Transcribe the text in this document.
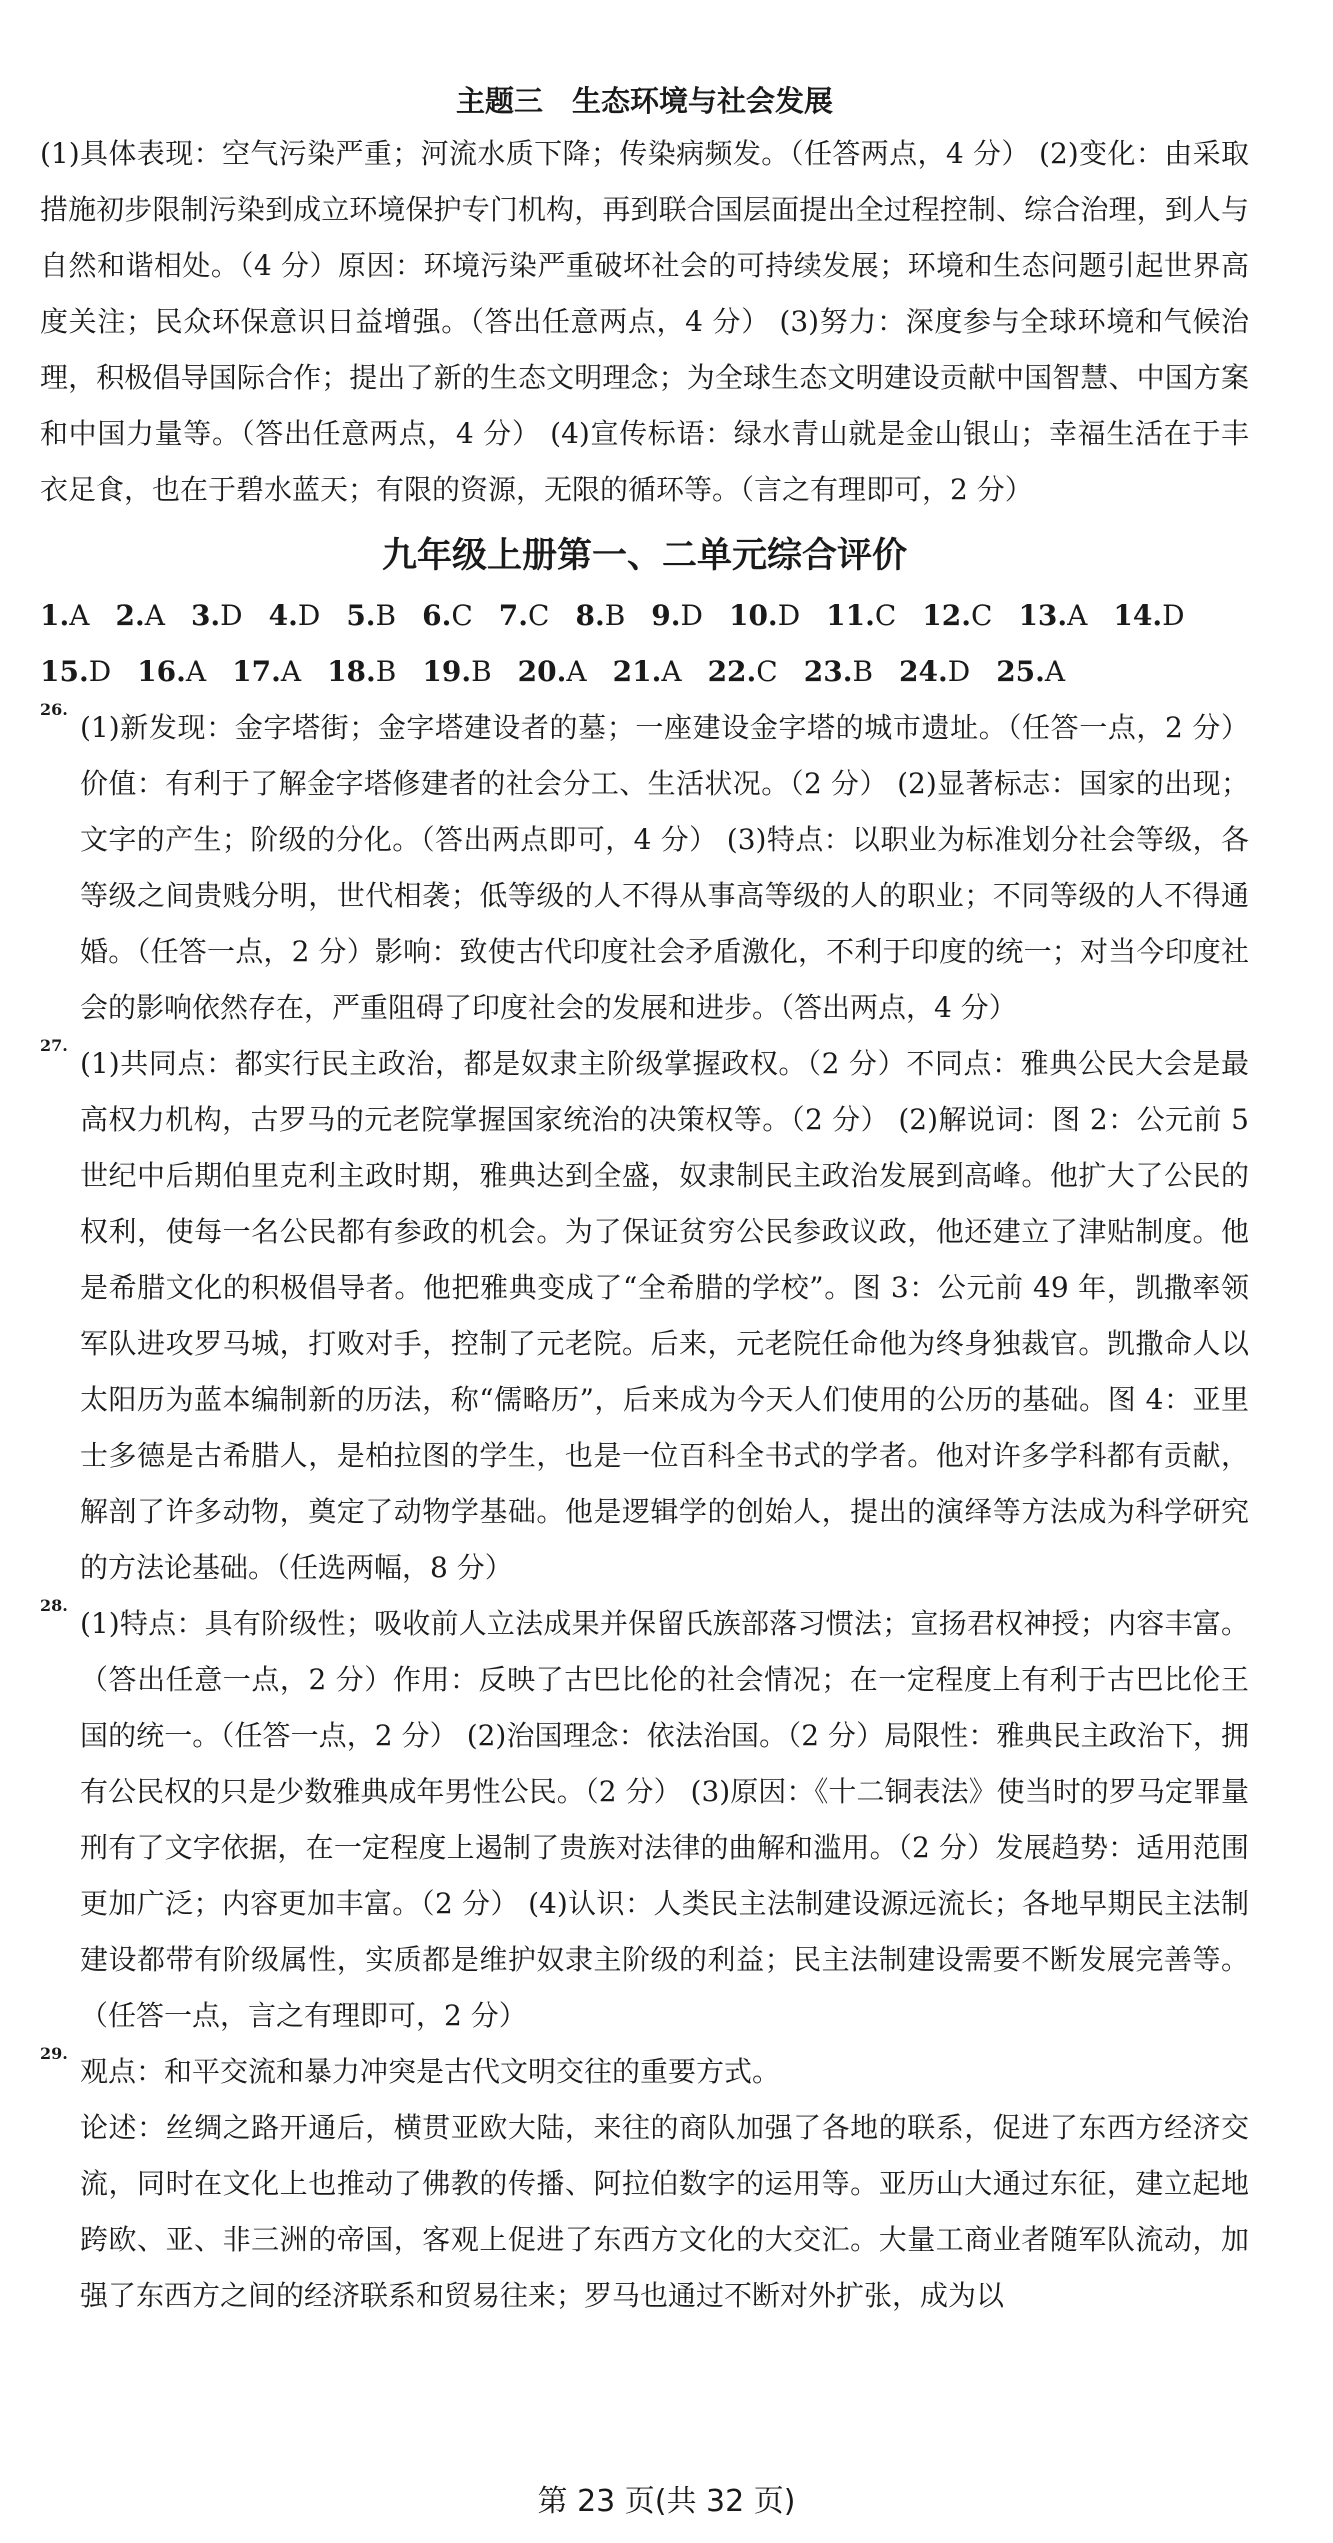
主题三　生态环境与社会发展

(1)具体表现：空气污染严重；河流水质下降；传染病频发。（任答两点，4 分） (2)变化：由采取措施初步限制污染到成立环境保护专门机构，再到联合国层面提出全过程控制、综合治理，到人与自然和谐相处。（4 分）原因：环境污染严重破坏社会的可持续发展；环境和生态问题引起世界高度关注；民众环保意识日益增强。（答出任意两点，4 分） (3)努力：深度参与全球环境和气候治理，积极倡导国际合作；提出了新的生态文明理念；为全球生态文明建设贡献中国智慧、中国方案和中国力量等。（答出任意两点，4 分） (4)宣传标语：绿水青山就是金山银山；幸福生活在于丰衣足食，也在于碧水蓝天；有限的资源，无限的循环等。（言之有理即可，2 分）

九年级上册第一、二单元综合评价
1.A 2.A 3.D 4.D 5.B 6.C 7.C 8.B 9.D 10.D 11.C 12.C 13.A 14.D
15.D 16.A 17.A 18.B 19.B 20.A 21.A 22.C 23.B 24.D 25.A
26.

(1)新发现：金字塔街；金字塔建设者的墓；一座建设金字塔的城市遗址。（任答一点，2 分）价值：有利于了解金字塔修建者的社会分工、生活状况。（2 分） (2)显著标志：国家的出现；文字的产生；阶级的分化。（答出两点即可，4 分） (3)特点：以职业为标准划分社会等级，各等级之间贵贱分明，世代相袭；低等级的人不得从事高等级的人的职业；不同等级的人不得通婚。（任答一点，2 分）影响：致使古代印度社会矛盾激化，不利于印度的统一；对当今印度社会的影响依然存在，严重阻碍了印度社会的发展和进步。（答出两点，4 分）

27.

(1)共同点：都实行民主政治，都是奴隶主阶级掌握政权。（2 分）不同点：雅典公民大会是最高权力机构，古罗马的元老院掌握国家统治的决策权等。（2 分） (2)解说词：图 2：公元前 5 世纪中后期伯里克利主政时期，雅典达到全盛，奴隶制民主政治发展到高峰。他扩大了公民的权利，使每一名公民都有参政的机会。为了保证贫穷公民参政议政，他还建立了津贴制度。他是希腊文化的积极倡导者。他把雅典变成了“全希腊的学校”。图 3：公元前 49 年，凯撒率领军队进攻罗马城，打败对手，控制了元老院。后来，元老院任命他为终身独裁官。凯撒命人以太阳历为蓝本编制新的历法，称“儒略历”，后来成为今天人们使用的公历的基础。图 4：亚里士多德是古希腊人，是柏拉图的学生，也是一位百科全书式的学者。他对许多学科都有贡献，解剖了许多动物，奠定了动物学基础。他是逻辑学的创始人，提出的演绎等方法成为科学研究的方法论基础。（任选两幅，8 分）

28.

(1)特点：具有阶级性；吸收前人立法成果并保留氏族部落习惯法；宣扬君权神授；内容丰富。（答出任意一点，2 分）作用：反映了古巴比伦的社会情况；在一定程度上有利于古巴比伦王国的统一。（任答一点，2 分） (2)治国理念：依法治国。（2 分）局限性：雅典民主政治下，拥有公民权的只是少数雅典成年男性公民。（2 分） (3)原因：《十二铜表法》使当时的罗马定罪量刑有了文字依据，在一定程度上遏制了贵族对法律的曲解和滥用。（2 分）发展趋势：适用范围更加广泛；内容更加丰富。（2 分） (4)认识：人类民主法制建设源远流长；各地早期民主法制建设都带有阶级属性，实质都是维护奴隶主阶级的利益；民主法制建设需要不断发展完善等。（任答一点，言之有理即可，2 分）

29.

观点：和平交流和暴力冲突是古代文明交往的重要方式。

论述：丝绸之路开通后，横贯亚欧大陆，来往的商队加强了各地的联系，促进了东西方经济交流，同时在文化上也推动了佛教的传播、阿拉伯数字的运用等。亚历山大通过东征，建立起地跨欧、亚、非三洲的帝国，客观上促进了东西方文化的大交汇。大量工商业者随军队流动，加强了东西方之间的经济联系和贸易往来；罗马也通过不断对外扩张，成为以

第 23 页(共 32 页)
